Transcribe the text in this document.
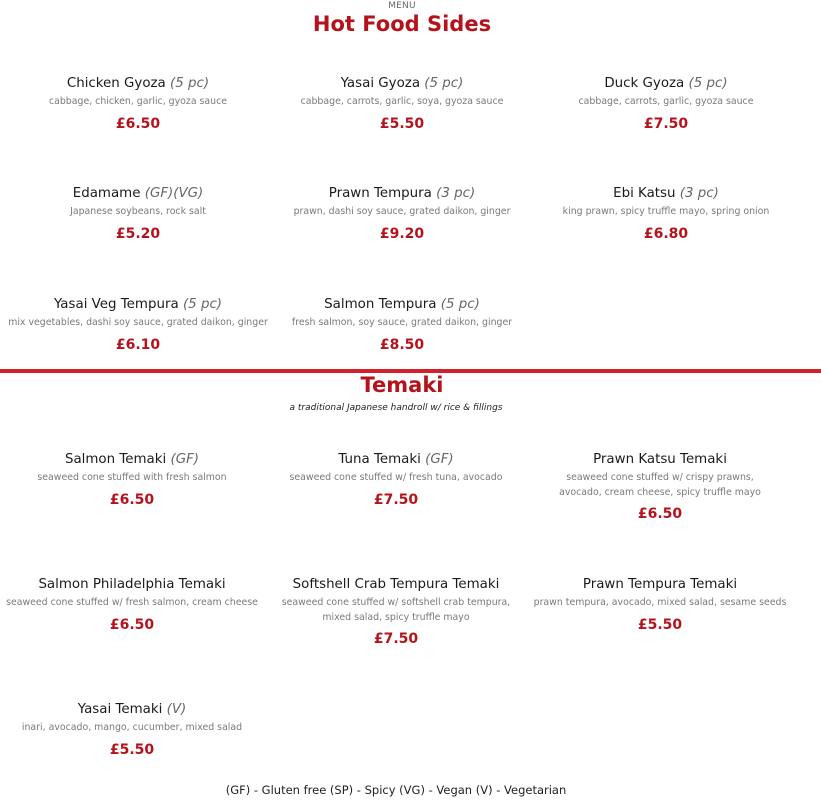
MENU
Hot Food Sides
Chicken Gyoza (5 pc)
cabbage, chicken, garlic, gyoza sauce
£6.50
Yasai Gyoza (5 pc)
cabbage, carrots, garlic, soya, gyoza sauce
£5.50
Duck Gyoza (5 pc)
cabbage, carrots, garlic, gyoza sauce
£7.50
Edamame (GF)(VG)
Japanese soybeans, rock salt
£5.20
Prawn Tempura (3 pc)
prawn, dashi soy sauce, grated daikon, ginger
£9.20
Ebi Katsu (3 pc)
king prawn, spicy truffle mayo, spring onion
£6.80
Yasai Veg Tempura (5 pc)
mix vegetables, dashi soy sauce, grated daikon, ginger
£6.10
Salmon Tempura (5 pc)
fresh salmon, soy sauce, grated daikon, ginger
£8.50
Temaki
a traditional Japanese handroll w/ rice & fillings
Salmon Temaki (GF)
seaweed cone stuffed with fresh salmon
£6.50
Tuna Temaki (GF)
seaweed cone stuffed w/ fresh tuna, avocado
£7.50
Prawn Katsu Temaki
seaweed cone stuffed w/ crispy prawns, avocado, cream cheese, spicy truffle mayo
£6.50
Salmon Philadelphia Temaki
seaweed cone stuffed w/ fresh salmon, cream cheese
£6.50
Softshell Crab Tempura Temaki
seaweed cone stuffed w/ softshell crab tempura, mixed salad, spicy truffle mayo
£7.50
Prawn Tempura Temaki
prawn tempura, avocado, mixed salad, sesame seeds
£5.50
Yasai Temaki (V)
inari, avocado, mango, cucumber, mixed salad
£5.50
(GF) - Gluten free (SP) - Spicy (VG) - Vegan (V) - Vegetarian
